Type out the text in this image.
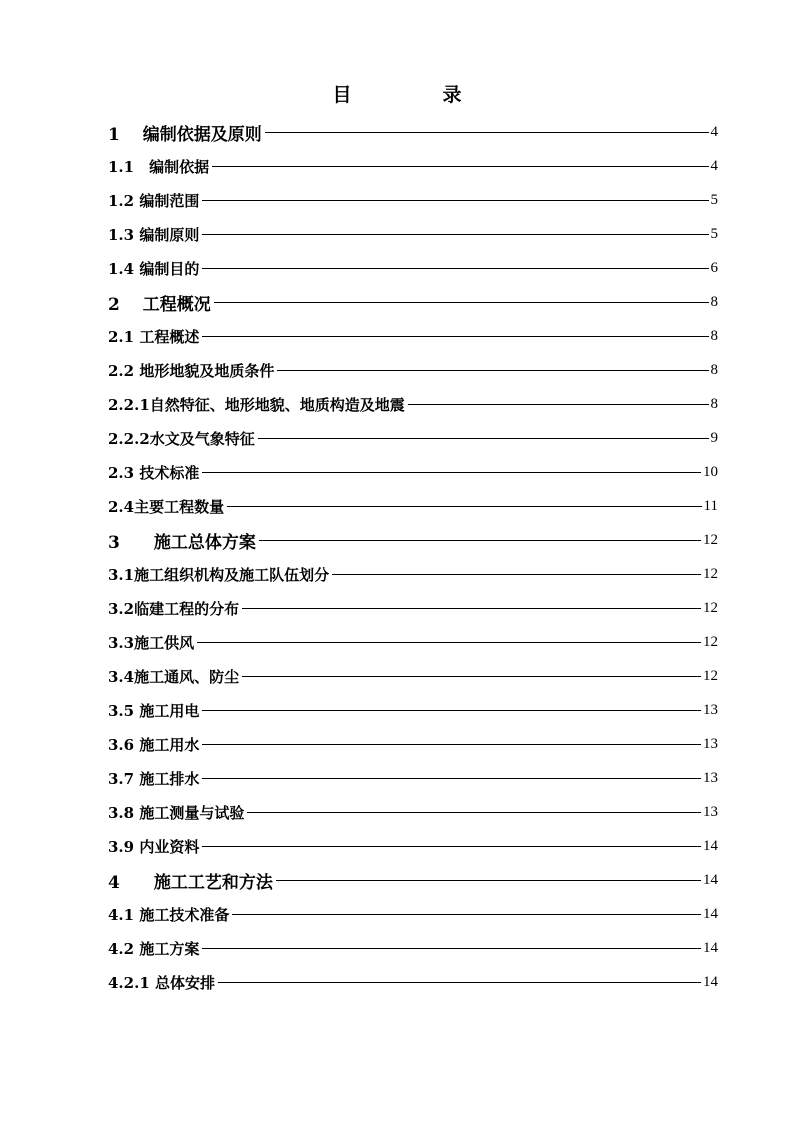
目　录
1　 编制依据及原则	4
1.1　编制依据	4
1.2 编制范围	5
1.3 编制原则	5
1.4 编制目的	6
2　 工程概况	8
2.1 工程概述	8
2.2 地形地貌及地质条件	8
2.2.1自然特征、地形地貌、地质构造及地震	8
2.2.2水文及气象特征	9
2.3 技术标准	10
2.4主要工程数量	11
3　　施工总体方案	12
3.1施工组织机构及施工队伍划分	12
3.2临建工程的分布	12
3.3施工供风	12
3.4施工通风、防尘	12
3.5 施工用电	13
3.6 施工用水	13
3.7 施工排水	13
3.8 施工测量与试验	13
3.9 内业资料	14
4　　施工工艺和方法	14
4.1 施工技术准备	14
4.2 施工方案	14
4.2.1 总体安排	14
